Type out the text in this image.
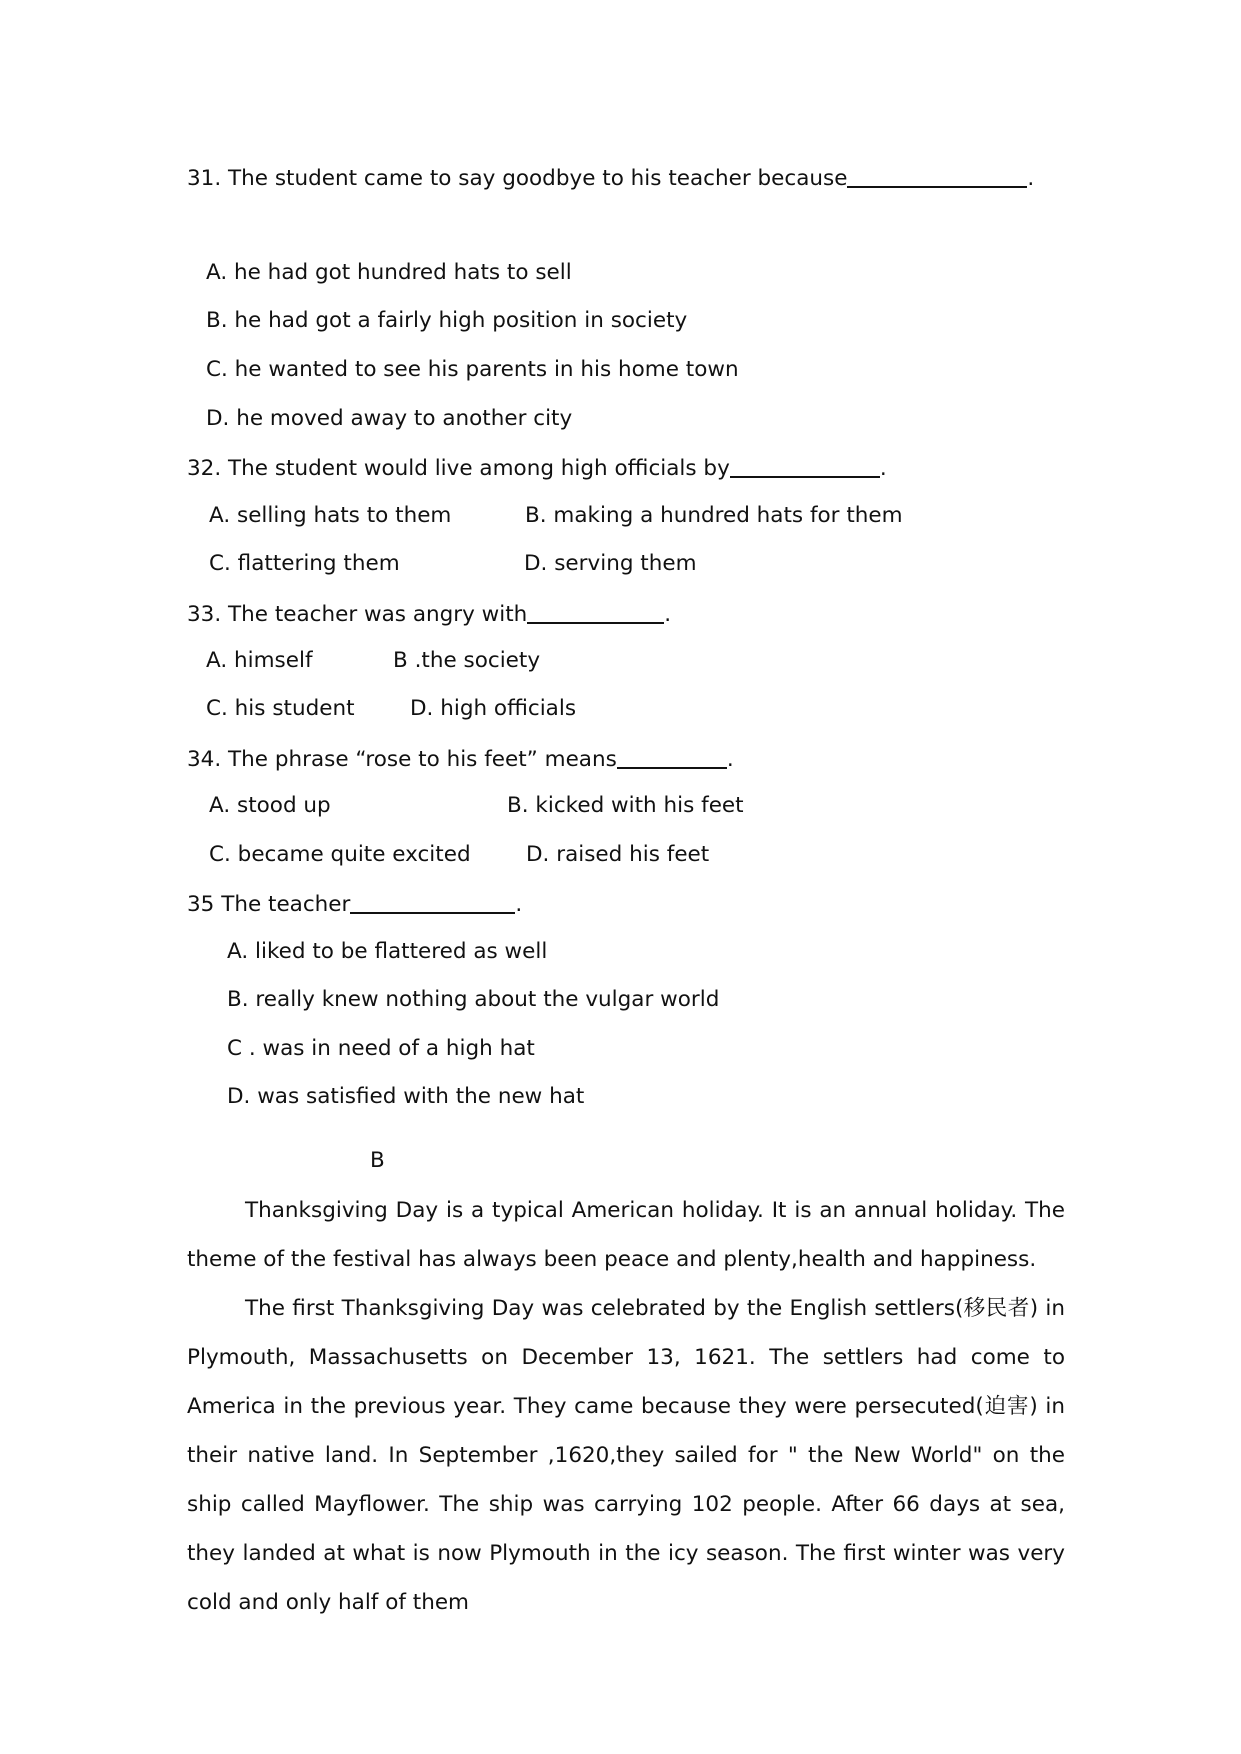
31. The student came to say goodbye to his teacher because	.
A. he had got hundred hats to sell
B. he had got a fairly high position in society
C. he wanted to see his parents in his home town
D. he moved away to another city
32. The student would live among high officials by	.
A. selling hats to them	B. making a hundred hats for them
C. flattering them	D. serving them
33. The teacher was angry with	.
A. himself	B .the society
C. his student	D. high officials
34. The phrase “rose to his feet” means	.
A. stood up	B. kicked with his feet
C. became quite excited	D. raised his feet
35 The teacher	.
A. liked to be flattered as well
B. really knew nothing about the vulgar world
C . was in need of a high hat
D. was satisfied with the new hat
B
Thanksgiving Day is a typical American holiday. It is an annual holiday. The theme of the festival has always been peace and plenty,health and happiness.
The first Thanksgiving Day was celebrated by the English settlers(移民者) in Plymouth, Massachusetts on December 13, 1621. The settlers had come to America in the previous year. They came because they were persecuted(迫害) in their native land. In September ,1620,they sailed for " the New World" on the ship called Mayflower. The ship was carrying 102 people. After 66 days at sea, they landed at what is now Plymouth in the icy season. The first winter was very cold and only half of them
